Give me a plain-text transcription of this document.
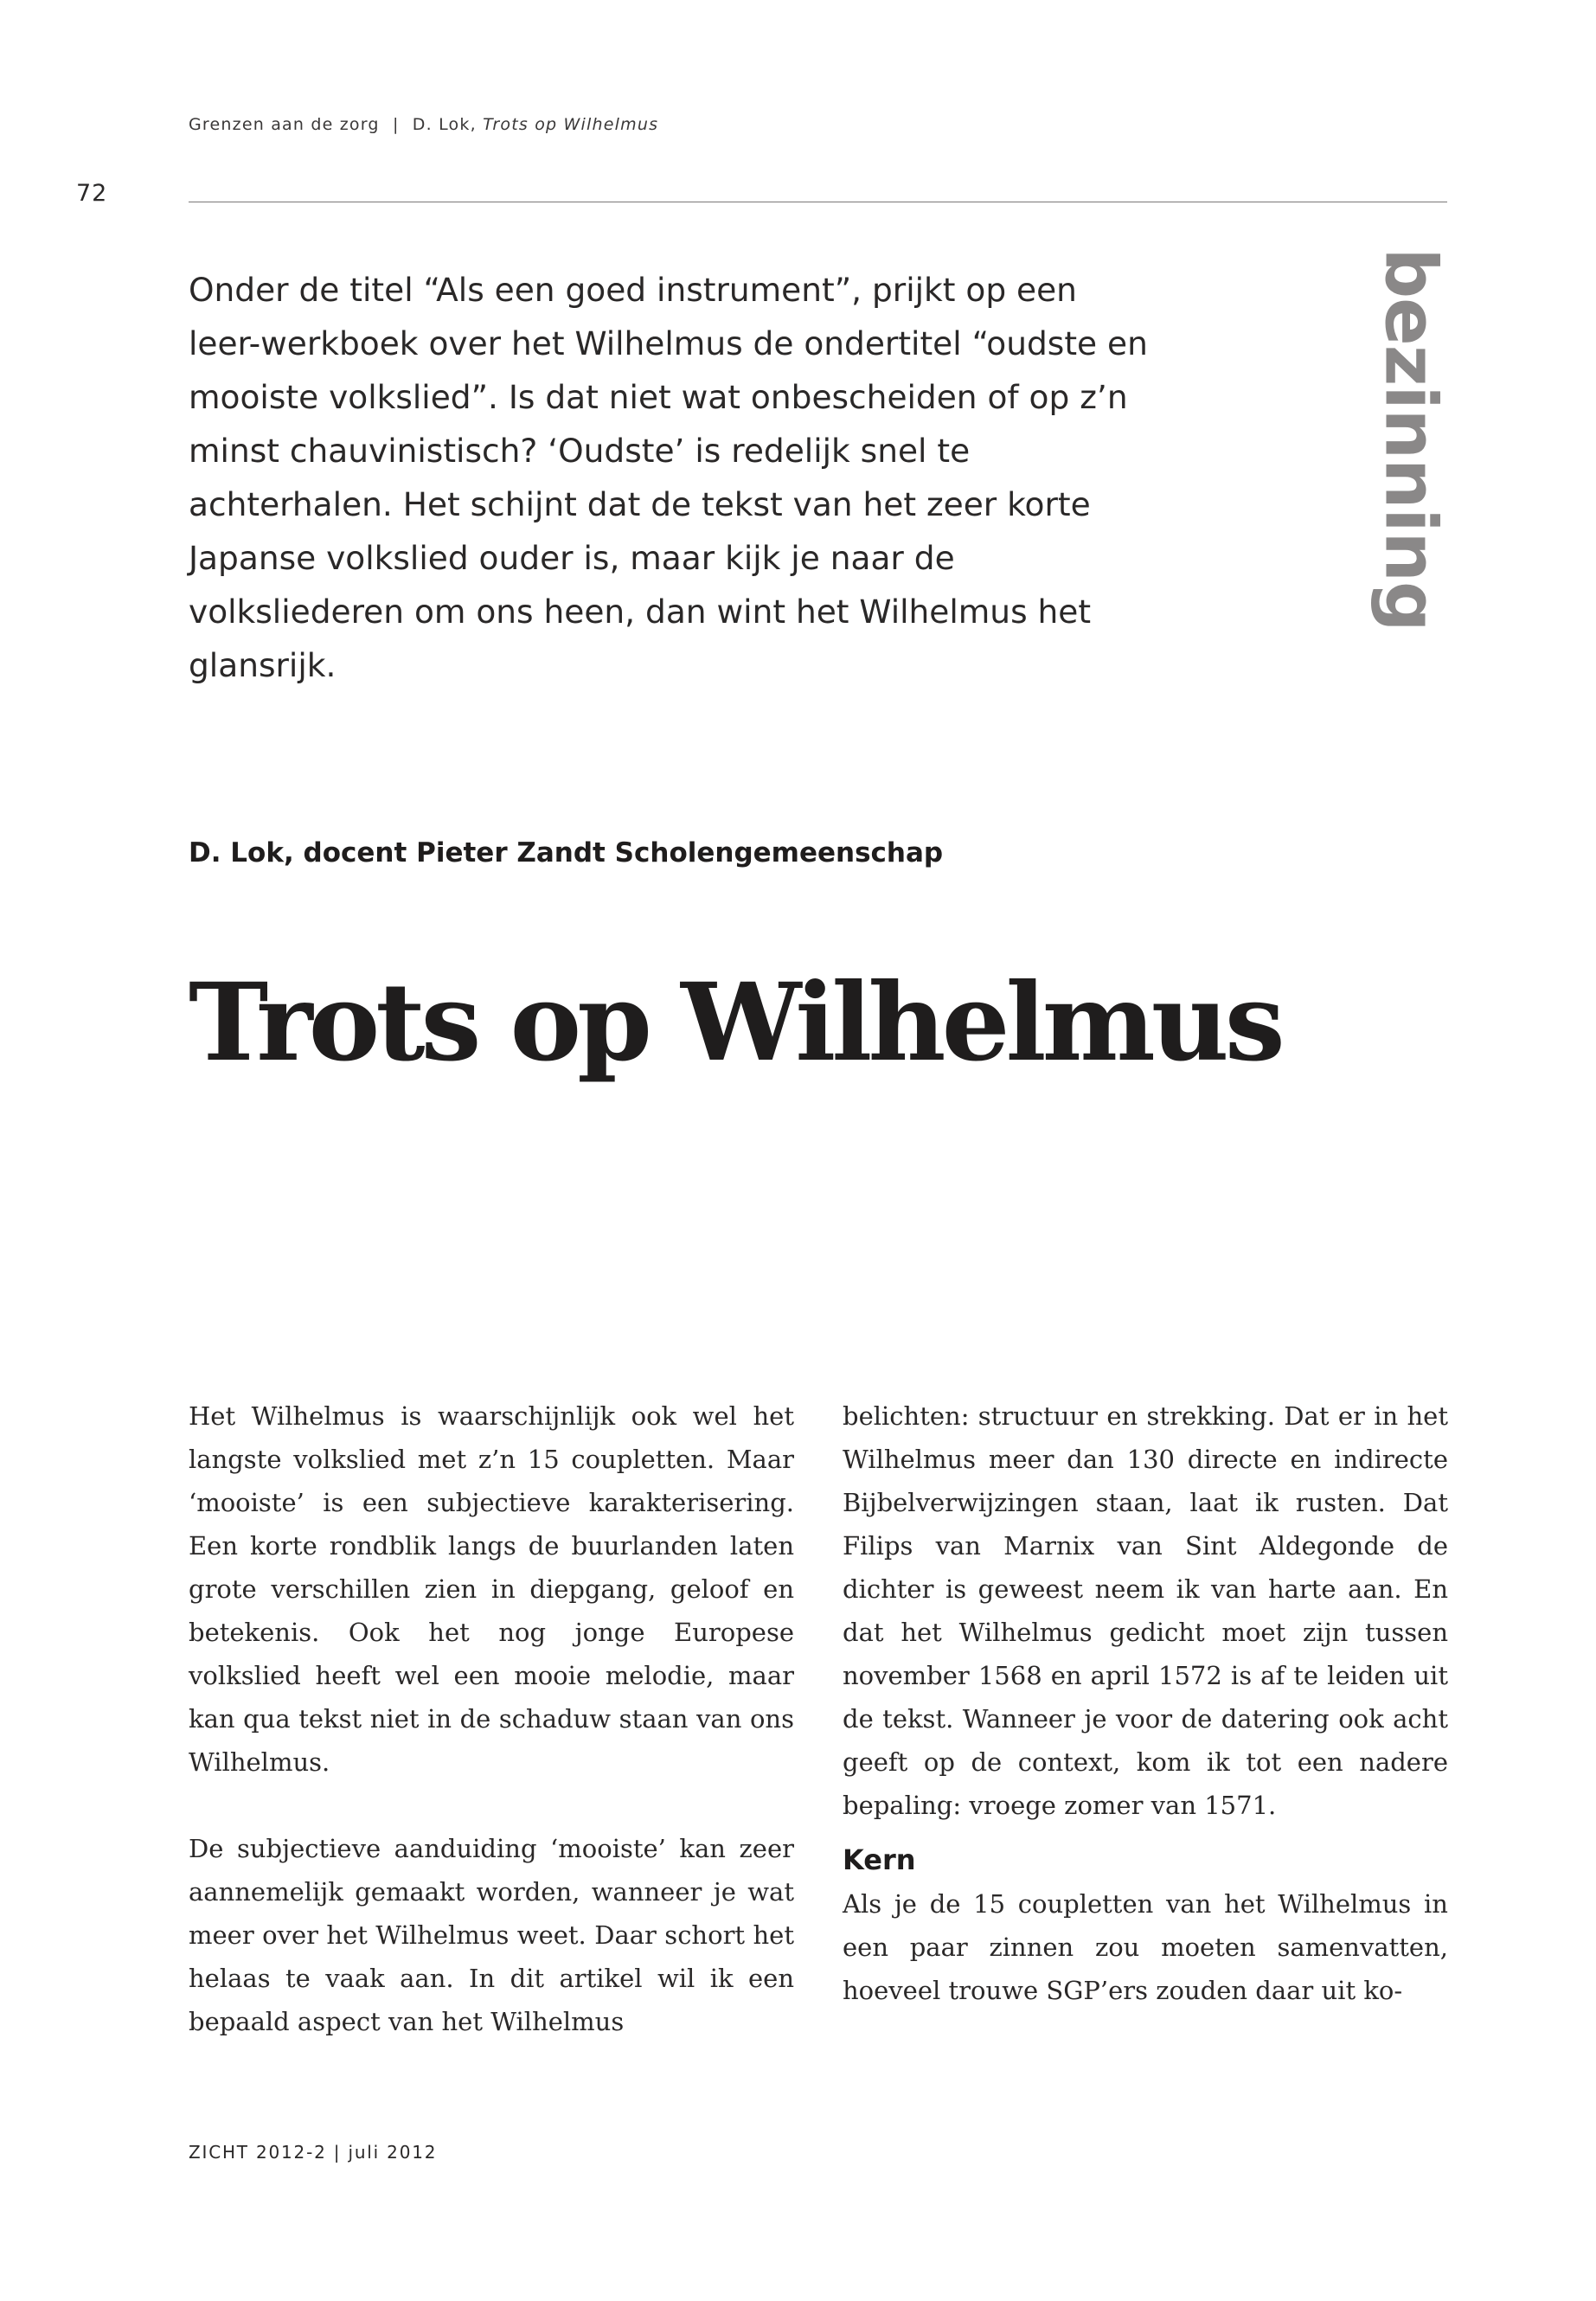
Grenzen aan de zorg | D. Lok, Trots op Wilhelmus
72
bezinning

Onder de titel “Als een goed instrument”, prijkt op een leer-werkboek over het Wilhelmus de ondertitel “oudste en mooiste volkslied”. Is dat niet wat onbescheiden of op z’n minst chauvinistisch? ‘Oudste’ is redelijk snel te achterhalen. Het schijnt dat de tekst van het zeer korte Japanse volkslied ouder is, maar kijk je naar de volksliederen om ons heen, dan wint het Wilhelmus het glansrijk.

D. Lok, docent Pieter Zandt Scholengemeenschap

Trots op Wilhelmus

Het Wilhelmus is waarschijnlijk ook wel het langste volkslied met z’n 15 coupletten. Maar ‘mooiste’ is een subjectieve karakterisering. Een korte rondblik langs de buurlanden laten grote verschillen zien in diepgang, geloof en betekenis. Ook het nog jonge Europese volkslied heeft wel een mooie melodie, maar kan qua tekst niet in de schaduw staan van ons Wilhelmus.

De subjectieve aanduiding ‘mooiste’ kan zeer aannemelijk gemaakt worden, wanneer je wat meer over het Wilhelmus weet. Daar schort het helaas te vaak aan. In dit artikel wil ik een bepaald aspect van het Wilhelmus

belichten: structuur en strekking. Dat er in het Wilhelmus meer dan 130 directe en indirecte Bijbelverwijzingen staan, laat ik rusten. Dat Filips van Marnix van Sint Aldegonde de dichter is geweest neem ik van harte aan. En dat het Wilhelmus gedicht moet zijn tussen november 1568 en april 1572 is af te leiden uit de tekst. Wanneer je voor de datering ook acht geeft op de context, kom ik tot een nadere bepaling: vroege zomer van 1571.

Kern

Als je de 15 coupletten van het Wilhelmus in een paar zinnen zou moeten samenvatten, hoeveel trouwe SGP’ers zouden daar uit ko-

ZICHT 2012-2 | juli 2012
